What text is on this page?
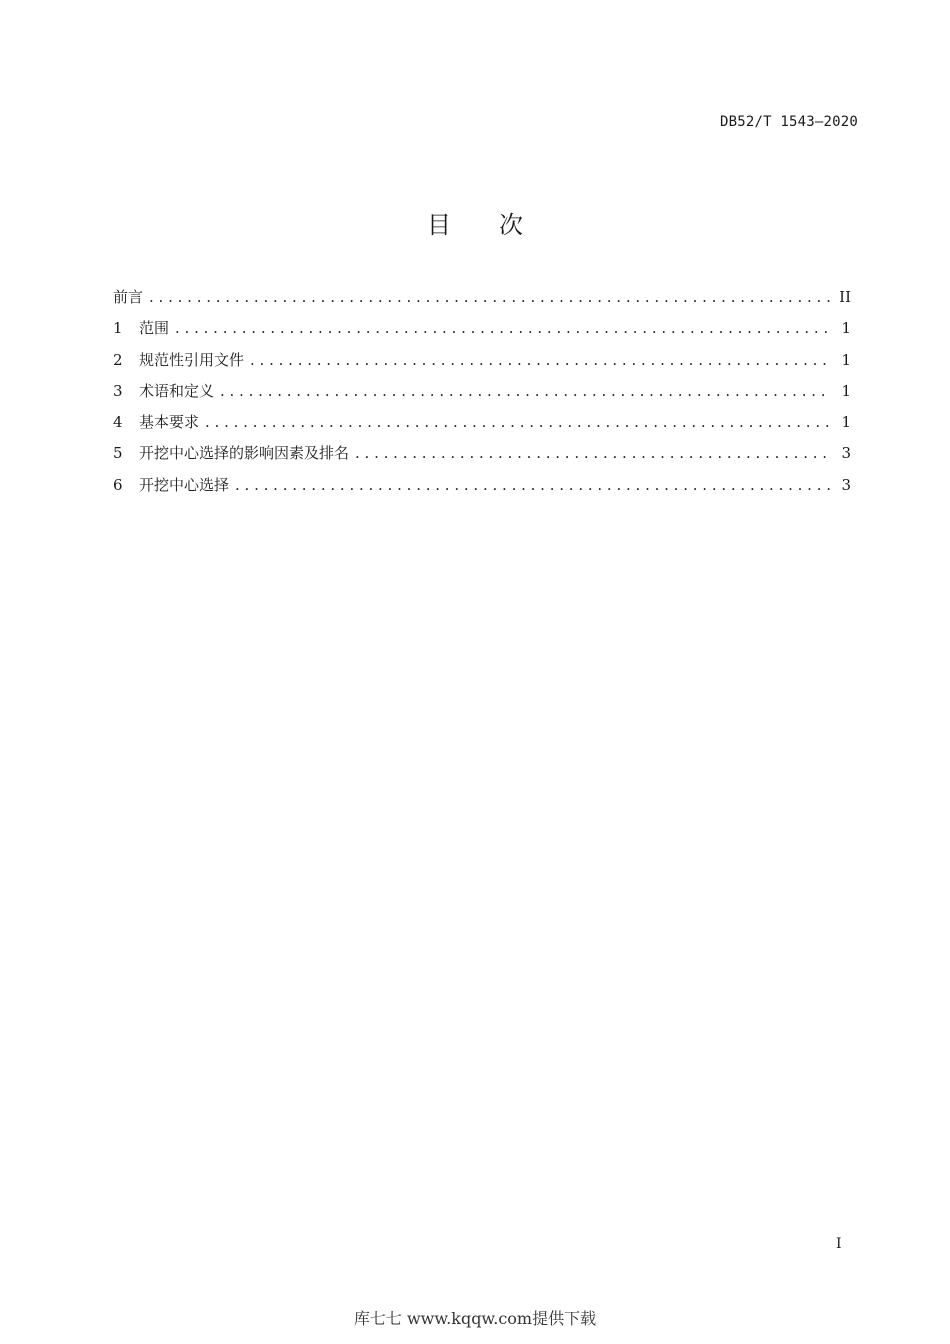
DB52/T 1543—2020
目次
前言 . . .	II
1	范围 . . .	1
2	规范性引用文件 . . .	1
3	术语和定义 . . .	1
4	基本要求 . . .	1
5	开挖中心选择的影响因素及排名 . . .	3
6	开挖中心选择 . . .	3
I
库七七 www.kqqw.com提供下载
